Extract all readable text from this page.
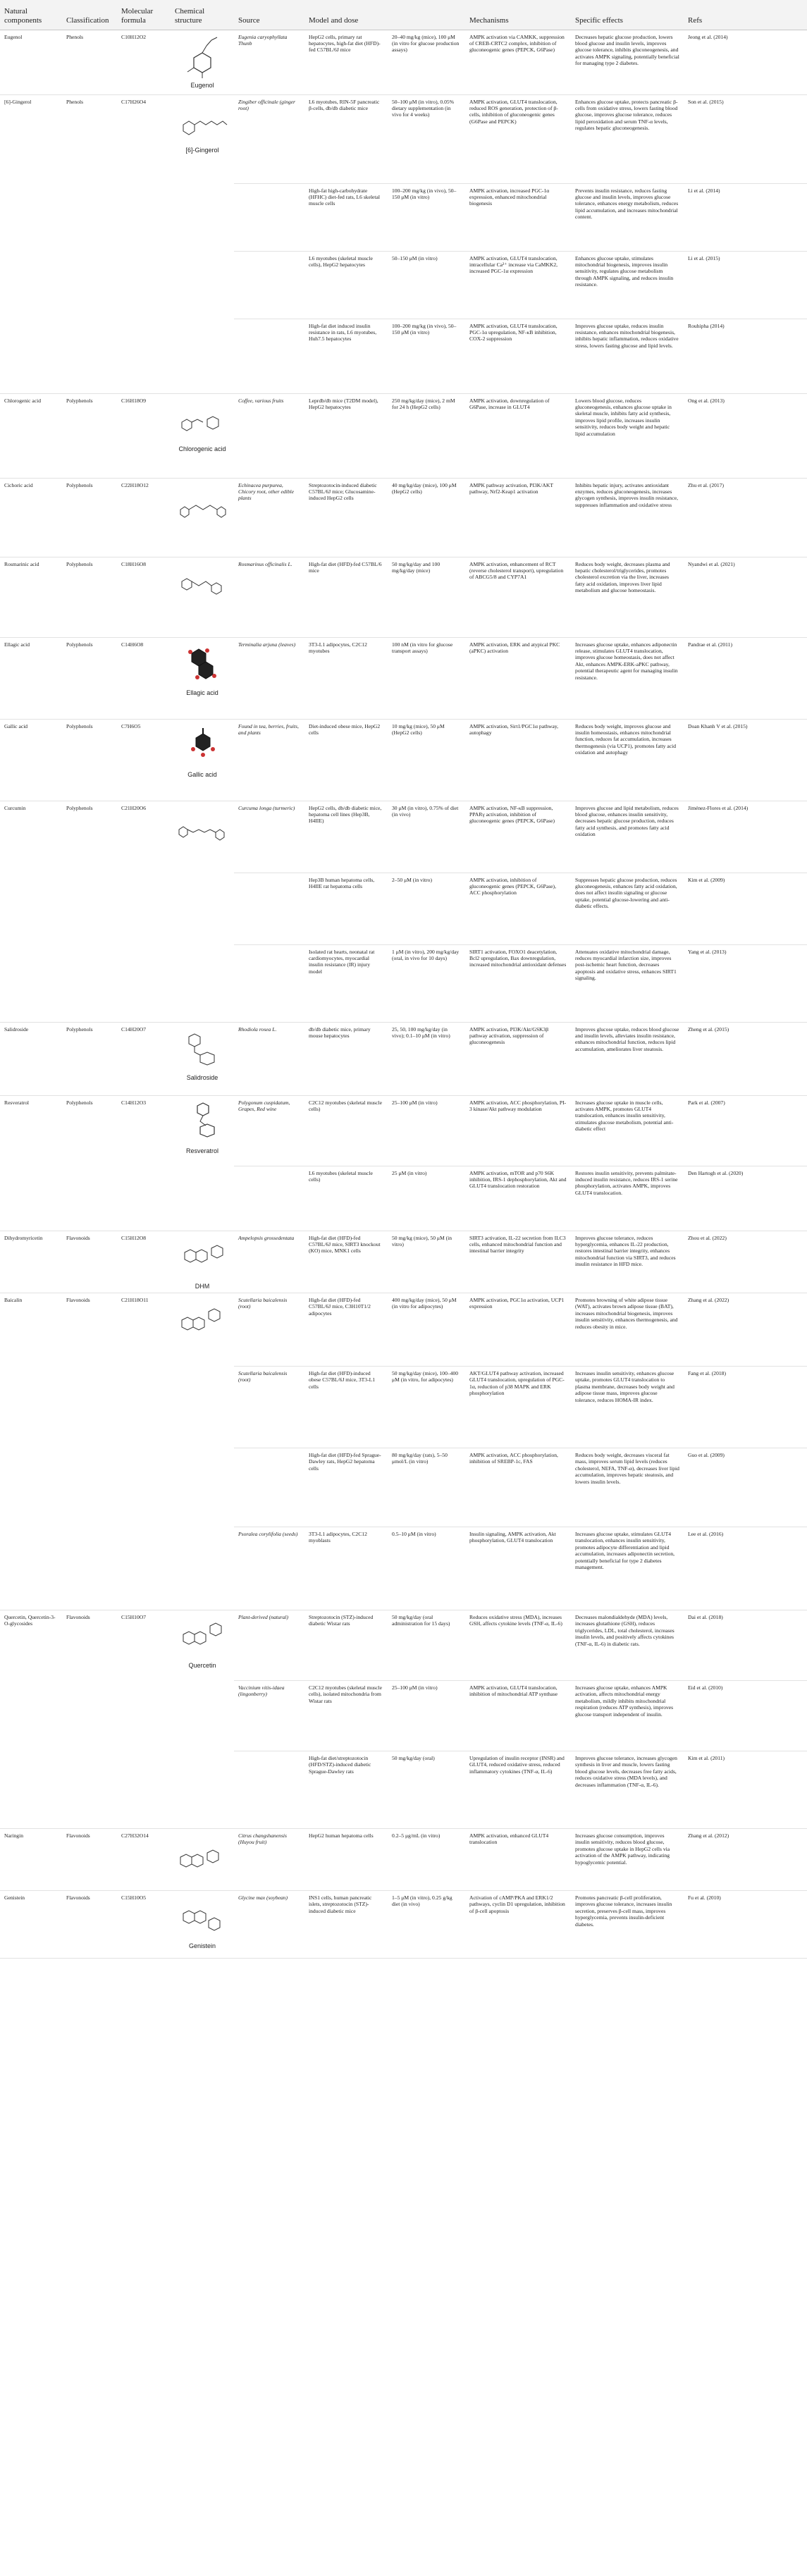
Natural components	Classification	Molecular formula	Chemical structure	Source	Model and dose		Mechanisms	Specific effects	Refs
Eugenol	Phenols	C10H12O2	Eugenol	Eugenia caryophyllata Thunb	HepG2 cells, primary rat hepatocytes, high-fat diet (HFD)-fed C57BL/6J mice	20–40 mg/kg (mice), 100 μM (in vitro for glucose production assays)	AMPK activation via CAMKK, suppression of CREB-CRTC2 complex, inhibition of gluconeogenic genes (PEPCK, G6Pase)	Decreases hepatic glucose production, lowers blood glucose and insulin levels, improves glucose tolerance, inhibits gluconeogenesis, and activates AMPK signaling, potentially beneficial for managing type 2 diabetes.	Jeong et al. (2014)
[6]-Gingerol	Phenols	C17H26O4	[6]-Gingerol	Zingiber officinale (ginger root)	L6 myotubes, RIN-5F pancreatic β-cells, db/db diabetic mice	50–100 μM (in vitro), 0.05% dietary supplementation (in vivo for 4 weeks)	AMPK activation, GLUT4 translocation, reduced ROS generation, protection of β-cells, inhibition of gluconeogenic genes (G6Pase and PEPCK)	Enhances glucose uptake, protects pancreatic β-cells from oxidative stress, lowers fasting blood glucose, improves glucose tolerance, reduces lipid peroxidation and serum TNF-α levels, regulates hepatic gluconeogenesis.	Son et al. (2015)

					High-fat high-carbohydrate (HFHC) diet-fed rats, L6 skeletal muscle cells	100–200 mg/kg (in vivo), 50–150 μM (in vitro)	AMPK activation, increased PGC-1α expression, enhanced mitochondrial biogenesis	Prevents insulin resistance, reduces fasting glucose and insulin levels, improves glucose tolerance, enhances energy metabolism, reduces lipid accumulation, and increases mitochondrial content.	Li et al. (2014)

					L6 myotubes (skeletal muscle cells), HepG2 hepatocytes	50–150 μM (in vitro)	AMPK activation, GLUT4 translocation, intracellular Ca²⁺ increase via CaMKK2, increased PGC-1α expression	Enhances glucose uptake, stimulates mitochondrial biogenesis, improves insulin sensitivity, regulates glucose metabolism through AMPK signaling, and reduces insulin resistance.	Li et al. (2015)

					High-fat diet induced insulin resistance in rats, L6 myotubes, Huh7.5 hepatocytes	100–200 mg/kg (in vivo), 50–150 μM (in vitro)	AMPK activation, GLUT4 translocation, PGC-1α upregulation, NF-κB inhibition, COX-2 suppression	Improves glucose uptake, reduces insulin resistance, enhances mitochondrial biogenesis, inhibits hepatic inflammation, reduces oxidative stress, lowers fasting glucose and lipid levels.	Rouhipha (2014)
Chlorogenic acid	Polyphenols	C16H18O9	Chlorogenic acid	Coffee, various fruits	Leprdb/db mice (T2DM model), HepG2 hepatocytes	250 mg/kg/day (mice), 2 mM for 24 h (HepG2 cells)	AMPK activation, downregulation of G6Pase, increase in GLUT4	Lowers blood glucose, reduces gluconeogenesis, enhances glucose uptake in skeletal muscle, inhibits fatty acid synthesis, improves lipid profile, increases insulin sensitivity, reduces body weight and hepatic lipid accumulation	Ong et al. (2013)
Cichoric acid	Polyphenols	C22H18O12		Echinacea purpurea, Chicory root, other edible plants	Streptozotocin-induced diabetic C57BL/6J mice; Glucosamine-induced HepG2 cells	40 mg/kg/day (mice), 100 μM (HepG2 cells)	AMPK pathway activation, PI3K/AKT pathway, Nrf2-Keap1 activation	Inhibits hepatic injury, activates antioxidant enzymes, reduces gluconeogenesis, increases glycogen synthesis, improves insulin resistance, suppresses inflammation and oxidative stress	Zhu et al. (2017)
Rosmarinic acid	Polyphenols	C18H16O8		Rosmarinus officinalis L.	High-fat diet (HFD)-fed C57BL/6 mice	50 mg/kg/day and 100 mg/kg/day (mice)	AMPK activation, enhancement of RCT (reverse cholesterol transport), upregulation of ABCG5/8 and CYP7A1	Reduces body weight, decreases plasma and hepatic cholesterol/triglycerides, promotes cholesterol excretion via the liver, increases fatty acid oxidation, improves liver lipid metabolism and glucose homeostasis.	Nyandwi et al. (2021)
Ellagic acid	Polyphenols	C14H6O8	Ellagic acid	Terminalia arjuna (leaves)	3T3-L1 adipocytes, C2C12 myotubes	100 nM (in vitro for glucose transport assays)	AMPK activation, ERK and atypical PKC (aPKC) activation	Increases glucose uptake, enhances adiponectin release, stimulates GLUT4 translocation, improves glucose homeostasis, does not affect Akt, enhances AMPK-ERK-aPKC pathway, potential therapeutic agent for managing insulin resistance.	Pandrae et al. (2011)
Gallic acid	Polyphenols	C7H6O5	Gallic acid	Found in tea, berries, fruits, and plants	Diet-induced obese mice, HepG2 cells	10 mg/kg (mice), 50 μM (HepG2 cells)	AMPK activation, Sirt1/PGC1α pathway, autophagy	Reduces body weight, improves glucose and insulin homeostasis, enhances mitochondrial function, reduces fat accumulation, increases thermogenesis (via UCP1), promotes fatty acid oxidation and autophagy	Doan Khanh V et al. (2015)
Curcumin	Polyphenols	C21H20O6		Curcuma longa (turmeric)	HepG2 cells, db/db diabetic mice, hepatoma cell lines (Hep3B, H4IIE)	30 μM (in vitro), 0.75% of diet (in vivo)	AMPK activation, NF-κB suppression, PPARγ activation, inhibition of gluconeogenic genes (PEPCK, G6Pase)	Improves glucose and lipid metabolism, reduces blood glucose, enhances insulin sensitivity, decreases hepatic glucose production, reduces fatty acid synthesis, and promotes fatty acid oxidation	Jiménez-Flores et al. (2014)

					Hep3B human hepatoma cells, H4IIE rat hepatoma cells	2–50 μM (in vitro)	AMPK activation, inhibition of gluconeogenic genes (PEPCK, G6Pase), ACC phosphorylation	Suppresses hepatic glucose production, reduces gluconeogenesis, enhances fatty acid oxidation, does not affect insulin signaling or glucose uptake, potential glucose-lowering and anti-diabetic effects.	Kim et al. (2009)

					Isolated rat hearts, neonatal rat cardiomyocytes, myocardial insulin resistance (IR) injury model	1 μM (in vitro), 200 mg/kg/day (oral, in vivo for 10 days)	SIRT1 activation, FOXO1 deacetylation, Bcl2 upregulation, Bax downregulation, increased mitochondrial antioxidant defenses	Attenuates oxidative mitochondrial damage, reduces myocardial infarction size, improves post-ischemic heart function, decreases apoptosis and oxidative stress, enhances SIRT1 signaling.	Yang et al. (2013)
Salidroside	Polyphenols	C14H20O7	Salidroside	Rhodiola rosea L.	db/db diabetic mice, primary mouse hepatocytes	25, 50, 100 mg/kg/day (in vivo); 0.1–10 μM (in vitro)	AMPK activation, PI3K/Akt/GSK3β pathway activation, suppression of gluconeogenesis	Improves glucose uptake, reduces blood glucose and insulin levels, alleviates insulin resistance, enhances mitochondrial function, reduces lipid accumulation, ameliorates liver steatosis.	Zheng et al. (2015)
Resveratrol	Polyphenols	C14H12O3	Resveratrol	Polygonum cuspidatum, Grapes, Red wine	C2C12 myotubes (skeletal muscle cells)	25–100 μM (in vitro)	AMPK activation, ACC phosphorylation, PI-3 kinase/Akt pathway modulation	Increases glucose uptake in muscle cells, activates AMPK, promotes GLUT4 translocation, enhances insulin sensitivity, stimulates glucose metabolism, potential anti-diabetic effect	Park et al. (2007)

					L6 myotubes (skeletal muscle cells)	25 μM (in vitro)	AMPK activation, mTOR and p70 S6K inhibition, IRS-1 dephosphorylation, Akt and GLUT4 translocation restoration	Restores insulin sensitivity, prevents palmitate-induced insulin resistance, reduces IRS-1 serine phosphorylation, activates AMPK, improves GLUT4 translocation.	Den Hartogh et al. (2020)
Dihydromyricetin	Flavonoids	C15H12O8	DHM	Ampelopsis grossedentata	High-fat diet (HFD)-fed C57BL/6J mice, SIRT3 knockout (KO) mice, MNK1 cells	50 mg/kg (mice), 50 μM (in vitro)	SIRT3 activation, IL-22 secretion from ILC3 cells, enhanced mitochondrial function and intestinal barrier integrity	Improves glucose tolerance, reduces hyperglycemia, enhances IL-22 production, restores intestinal barrier integrity, enhances mitochondrial function via SIRT3, and reduces insulin resistance in HFD mice.	Zhou et al. (2022)
Baicalin	Flavonoids	C21H18O11		Scutellaria baicalensis (root)	High-fat diet (HFD)-fed C57BL/6J mice, C3H10T1/2 adipocytes	400 mg/kg/day (mice), 50 μM (in vitro for adipocytes)	AMPK activation, PGC1α activation, UCP1 expression	Promotes browning of white adipose tissue (WAT), activates brown adipose tissue (BAT), increases mitochondrial biogenesis, improves insulin sensitivity, enhances thermogenesis, and reduces obesity in mice.	Zhang et al. (2022)
				Scutellaria baicalensis (root)	High-fat diet (HFD)-induced obese C57BL/6J mice, 3T3-L1 cells	50 mg/kg/day (mice), 100–400 μM (in vitro, for adipocytes)	AKT/GLUT4 pathway activation, increased GLUT4 translocation, upregulation of PGC-1α, reduction of p38 MAPK and ERK phosphorylation	Increases insulin sensitivity, enhances glucose uptake, promotes GLUT4 translocation to plasma membrane, decreases body weight and adipose tissue mass, improves glucose tolerance, reduces HOMA-IR index.	Fang et al. (2018)

					High-fat diet (HFD)-fed Sprague-Dawley rats, HepG2 hepatoma cells	80 mg/kg/day (rats), 5–50 μmol/L (in vitro)	AMPK activation, ACC phosphorylation, inhibition of SREBP-1c, FAS	Reduces body weight, decreases visceral fat mass, improves serum lipid levels (reduces cholesterol, NEFA, TNF-α), decreases liver lipid accumulation, improves hepatic steatosis, and lowers insulin levels.	Guo et al. (2009)
				Psoralea corylifolia (seeds)	3T3-L1 adipocytes, C2C12 myoblasts	0.5–10 μM (in vitro)	Insulin signaling, AMPK activation, Akt phosphorylation, GLUT4 translocation	Increases glucose uptake, stimulates GLUT4 translocation, enhances insulin sensitivity, promotes adipocyte differentiation and lipid accumulation, increases adiponectin secretion, potentially beneficial for type 2 diabetes management.	Lee et al. (2016)
Quercetin, Quercetin-3-O-glycosides	Flavonoids	C15H10O7	Quercetin	Plant-derived (natural)	Streptozotocin (STZ)-induced diabetic Wistar rats	50 mg/kg/day (oral administration for 15 days)	Reduces oxidative stress (MDA), increases GSH, affects cytokine levels (TNF-α, IL-6)	Decreases malondialdehyde (MDA) levels, increases glutathione (GSH), reduces triglycerides, LDL, total cholesterol, increases insulin levels, and positively affects cytokines (TNF-α, IL-6) in diabetic rats.	Dai et al. (2018)
				Vaccinium vitis-idaea (lingonberry)	C2C12 myotubes (skeletal muscle cells), isolated mitochondria from Wistar rats	25–100 μM (in vitro)	AMPK activation, GLUT4 translocation, inhibition of mitochondrial ATP synthase	Increases glucose uptake, enhances AMPK activation, affects mitochondrial energy metabolism, mildly inhibits mitochondrial respiration (reduces ATP synthesis), improves glucose transport independent of insulin.	Eid et al. (2010)

					High-fat diet/streptozotocin (HFD/STZ)-induced diabetic Sprague-Dawley rats	50 mg/kg/day (oral)	Upregulation of insulin receptor (INSR) and GLUT4, reduced oxidative stress, reduced inflammatory cytokines (TNF-α, IL-6)	Improves glucose tolerance, increases glycogen synthesis in liver and muscle, lowers fasting blood glucose levels, decreases free fatty acids, reduces oxidative stress (MDA levels), and decreases inflammation (TNF-α, IL-6).	Kim et al. (2011)
Naringin	Flavonoids	C27H32O14		Citrus changshanensis (Huyou fruit)	HepG2 human hepatoma cells	0.2–5 μg/mL (in vitro)	AMPK activation, enhanced GLUT4 translocation	Increases glucose consumption, improves insulin sensitivity, reduces blood glucose, promotes glucose uptake in HepG2 cells via activation of the AMPK pathway, indicating hypoglycemic potential.	Zhang et al. (2012)
Genistein	Flavonoids	C15H10O5	Genistein	Glycine max (soybean)	INS1 cells, human pancreatic islets, streptozotocin (STZ)-induced diabetic mice	1–5 μM (in vitro), 0.25 g/kg diet (in vivo)	Activation of cAMP/PKA and ERK1/2 pathways, cyclin D1 upregulation, inhibition of β-cell apoptosis	Promotes pancreatic β-cell proliferation, improves glucose tolerance, increases insulin secretion, preserves β-cell mass, improves hyperglycemia, prevents insulin-deficient diabetes.	Fu et al. (2010)
